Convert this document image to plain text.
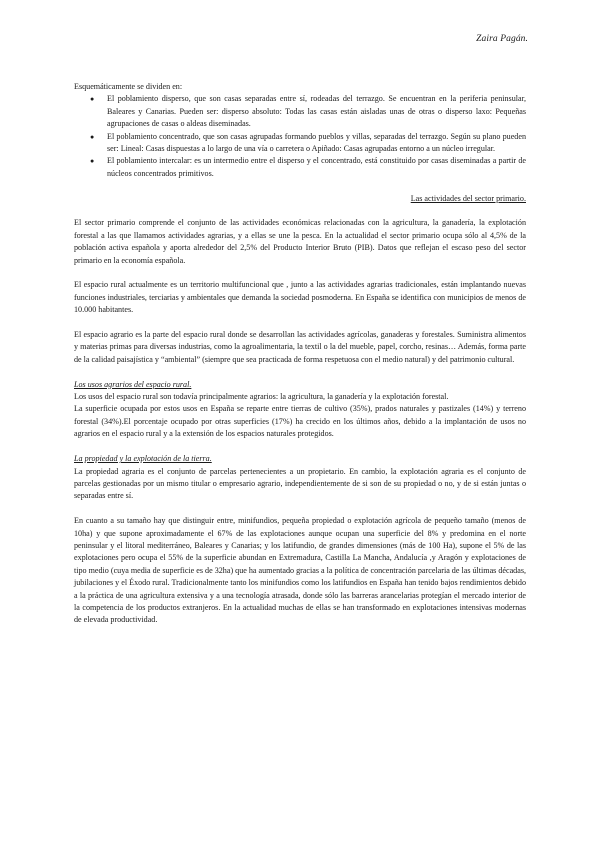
Zaira Pagán.

Esquemáticamente se dividen en:

● El poblamiento disperso, que son casas separadas entre sí, rodeadas del terrazgo. Se encuentran en la periferia peninsular, Baleares y Canarias. Pueden ser: disperso absoluto: Todas las casas están aisladas unas de otras o disperso laxo: Pequeñas agrupaciones de casas o aldeas diseminadas.
● El poblamiento concentrado, que son casas agrupadas formando pueblos y villas, separadas del terrazgo. Según su plano pueden ser: Lineal: Casas dispuestas a lo largo de una vía o carretera o Apiñado: Casas agrupadas entorno a un núcleo irregular.
● El poblamiento intercalar: es un intermedio entre el disperso y el concentrado, está constituido por casas diseminadas a partir de núcleos concentrados primitivos.

Las actividades del sector primario.

El sector primario comprende el conjunto de las actividades económicas relacionadas con la agricultura, la ganadería, la explotación forestal a las que llamamos actividades agrarias, y a ellas se une la pesca. En la actualidad el sector primario ocupa sólo al 4,5% de la población activa española y aporta alrededor del 2,5% del Producto Interior Bruto (PIB). Datos que reflejan el escaso peso del sector primario en la economía española.

El espacio rural actualmente es un territorio multifuncional que , junto a las actividades agrarias tradicionales, están implantando nuevas funciones industriales, terciarias y ambientales que demanda la sociedad posmoderna. En España se identifica con municipios de menos de 10.000 habitantes.

El espacio agrario es la parte del espacio rural donde se desarrollan las actividades agrícolas, ganaderas y forestales. Suministra alimentos y materias primas para diversas industrias, como la agroalimentaria, la textil o la del mueble, papel, corcho, resinas… Además, forma parte de la calidad paisajística y “ambiental” (siempre que sea practicada de forma respetuosa con el medio natural) y del patrimonio cultural.

Los usos agrarios del espacio rural.

Los usos del espacio rural son todavía principalmente agrarios: la agricultura, la ganadería y la explotación forestal.

La superficie ocupada por estos usos en España se reparte entre tierras de cultivo (35%), prados naturales y pastizales (14%) y terreno forestal (34%).El porcentaje ocupado por otras superficies (17%) ha crecido en los últimos años, debido a la implantación de usos no agrarios en el espacio rural y a la extensión de los espacios naturales protegidos.

La propiedad y la explotación de la tierra.

La propiedad agraria es el conjunto de parcelas pertenecientes a un propietario. En cambio, la explotación agraria es el conjunto de parcelas gestionadas por un mismo titular o empresario agrario, independientemente de si son de su propiedad o no, y de si están juntas o separadas entre sí.

En cuanto a su tamaño hay que distinguir entre, minifundios, pequeña propiedad o explotación agrícola de pequeño tamaño (menos de 10ha) y que supone aproximadamente el 67% de las explotaciones aunque ocupan una superficie del 8% y predomina en el norte peninsular y el litoral mediterráneo, Baleares y Canarias; y los latifundio, de grandes dimensiones (más de 100 Ha), supone el 5% de las explotaciones pero ocupa el 55% de la superficie abundan en Extremadura, Castilla La Mancha, Andalucía ,y Aragón y explotaciones de tipo medio (cuya media de superficie es de 32ha) que ha aumentado gracias a la política de concentración parcelaria de las últimas décadas, jubilaciones y el Éxodo rural. Tradicionalmente tanto los minifundios como los latifundios en España han tenido bajos rendimientos debido a la práctica de una agricultura extensiva y a una tecnología atrasada, donde sólo las barreras arancelarias protegían el mercado interior de la competencia de los productos extranjeros. En la actualidad muchas de ellas se han transformado en explotaciones intensivas modernas de elevada productividad.
